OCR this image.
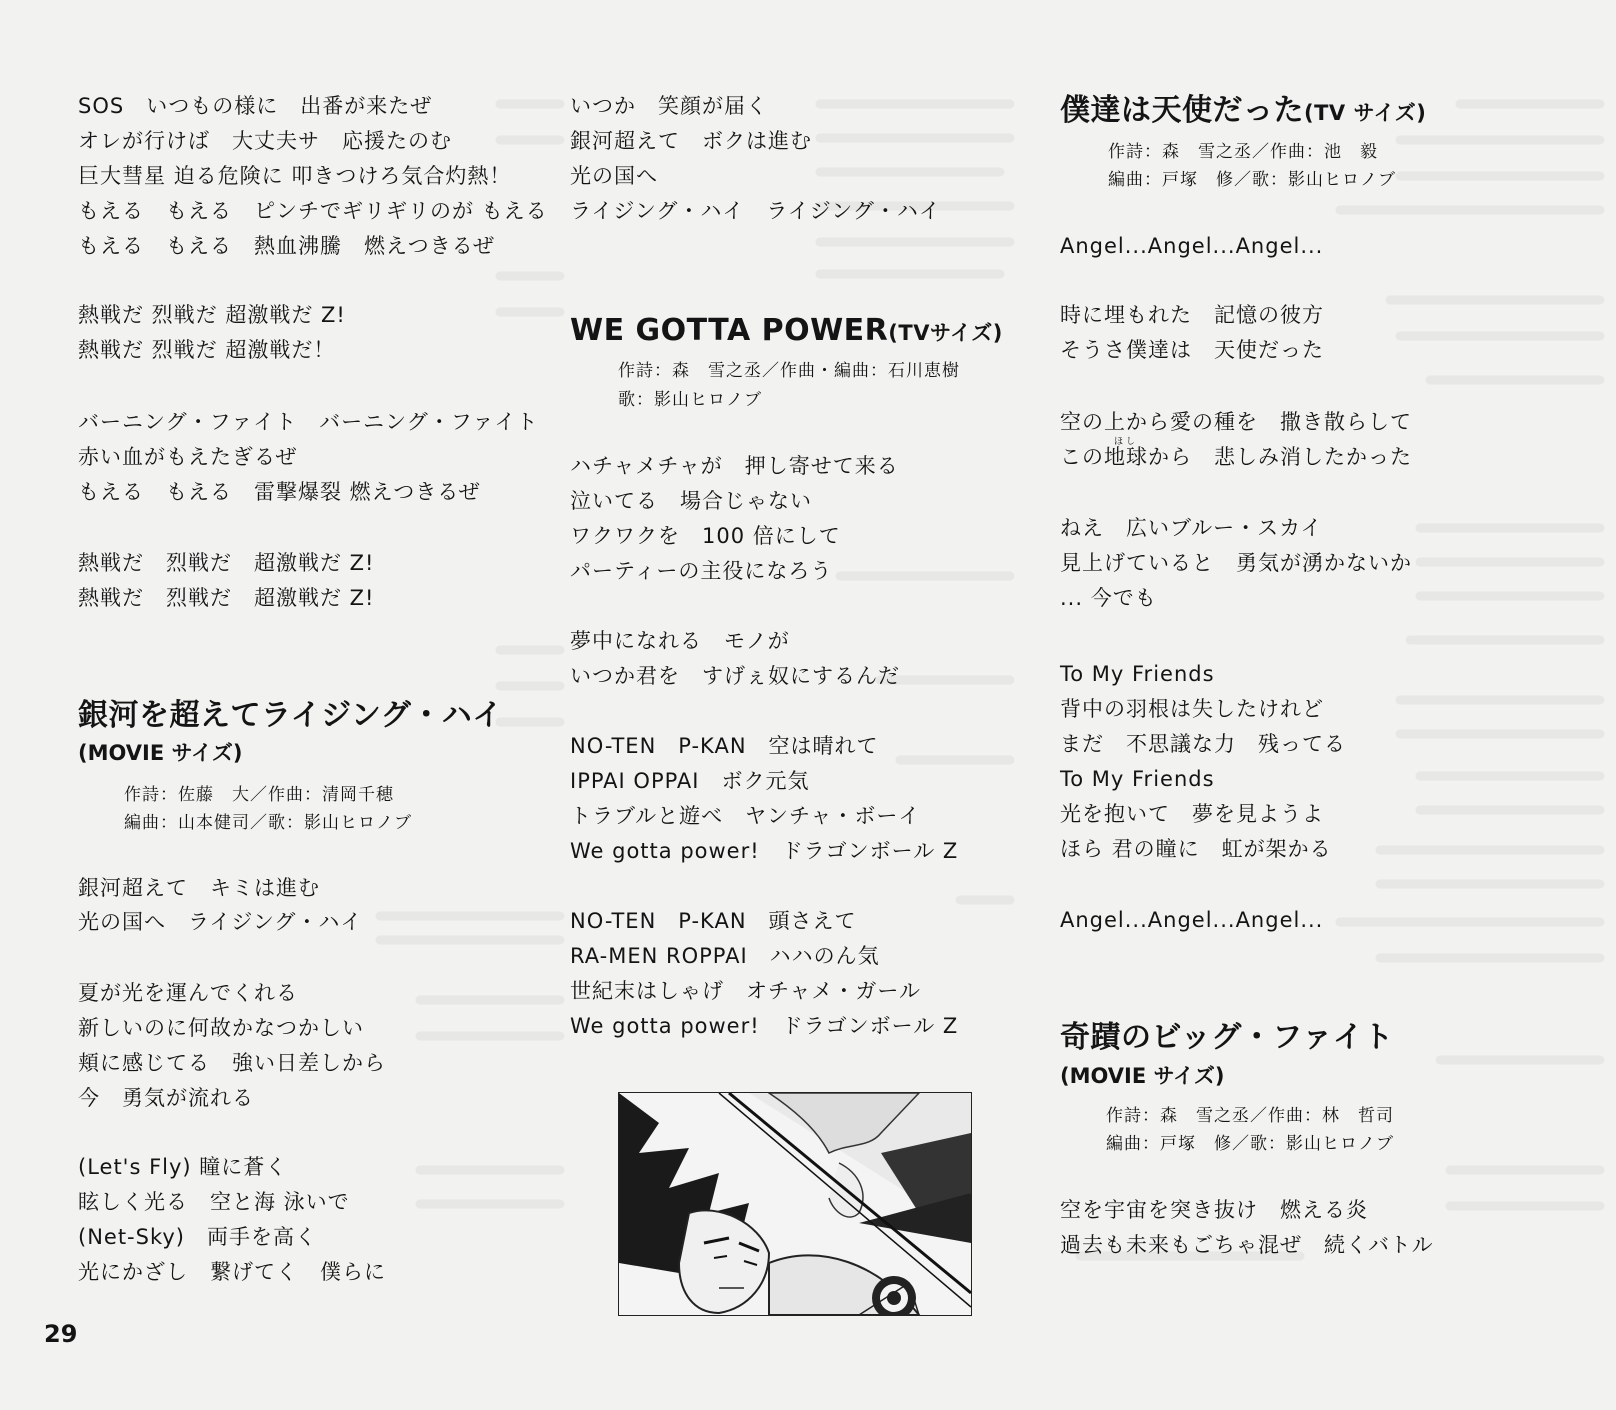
SOS　いつもの様に　出番が来たぜ
オレが行けば　大丈夫サ　応援たのむ
巨大彗星 迫る危険に 叩きつけろ気合灼熱！
もえる　もえる　ピンチでギリギリのが もえる
もえる　もえる　熱血沸騰　燃えつきるぜ
熱戦だ 烈戦だ 超激戦だ Z!
熱戦だ 烈戦だ 超激戦だ！
バーニング・ファイト　バーニング・ファイト
赤い血がもえたぎるぜ
もえる　もえる　雷撃爆裂 燃えつきるぜ
熱戦だ　烈戦だ　超激戦だ Z!
熱戦だ　烈戦だ　超激戦だ Z!
銀河を超えてライジング・ハイ
(MOVIE サイズ)
作詩：佐藤　大／作曲：清岡千穂
編曲：山本健司／歌：影山ヒロノブ
銀河超えて　キミは進む
光の国へ　ライジング・ハイ
夏が光を運んでくれる
新しいのに何故かなつかしい
頬に感じてる　強い日差しから
今　勇気が流れる
(Let's Fly) 瞳に蒼く
眩しく光る　空と海 泳いで
(Net-Sky)　両手を高く
光にかざし　繋げてく　僕らに
いつか　笑顔が届く
銀河超えて　ボクは進む
光の国へ
ライジング・ハイ　ライジング・ハイ
WE GOTTA POWER(TVサイズ)
作詩：森　雪之丞／作曲・編曲：石川恵樹
歌：影山ヒロノブ
ハチャメチャが　押し寄せて来る
泣いてる　場合じゃない
ワクワクを　100 倍にして
パーティーの主役になろう
夢中になれる　モノが
いつか君を　すげぇ奴にするんだ
NO-TEN　P-KAN　空は晴れて
IPPAI OPPAI　ボク元気
トラブルと遊べ　ヤンチャ・ボーイ
We gotta power!　ドラゴンボール Z
NO-TEN　P-KAN　頭さえて
RA-MEN ROPPAI　ハハのん気
世紀末はしゃげ　オチャメ・ガール
We gotta power!　ドラゴンボール Z
僕達は天使だった(TV サイズ)
作詩：森　雪之丞／作曲：池　毅
編曲：戸塚　修／歌：影山ヒロノブ
Angel...Angel...Angel...
時に埋もれた　記憶の彼方
そうさ僕達は　天使だった
空の上から愛の種を　撒き散らして
ほし
この地球から　悲しみ消したかった
ねえ　広いブルー・スカイ
見上げていると　勇気が湧かないか
... 今でも
To My Friends
背中の羽根は失したけれど
まだ　不思議な力　残ってる
To My Friends
光を抱いて　夢を見ようよ
ほら 君の瞳に　虹が架かる
Angel...Angel...Angel...
奇蹟のビッグ・ファイト
(MOVIE サイズ)
作詩：森　雪之丞／作曲：林　哲司
編曲：戸塚　修／歌：影山ヒロノブ
空を宇宙を突き抜け　燃える炎
過去も未来もごちゃ混ぜ　続くバトル
29
